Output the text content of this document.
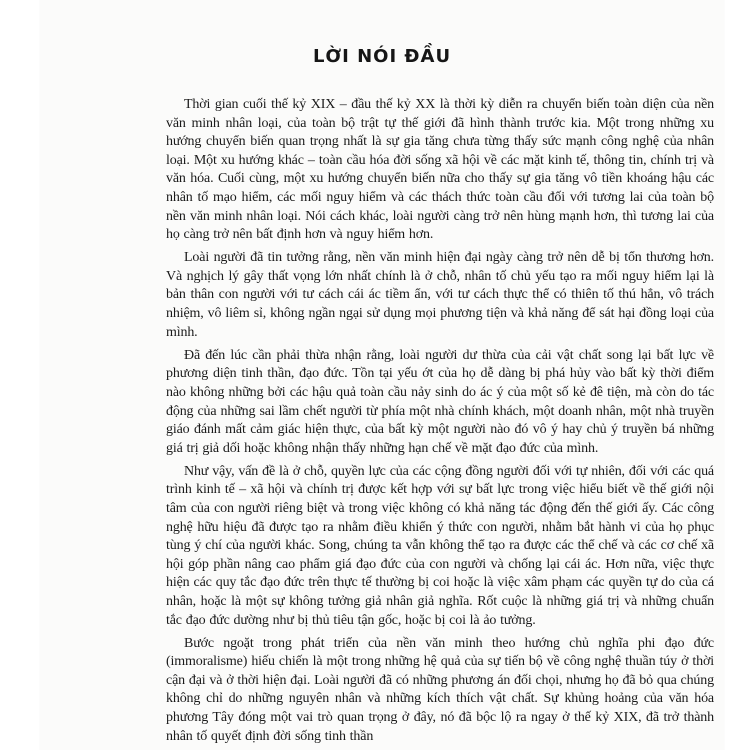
LỜI NÓI ĐẦU

Thời gian cuối thế kỷ XIX – đầu thế kỷ XX là thời kỳ diễn ra chuyển biến toàn diện của nền văn minh nhân loại, của toàn bộ trật tự thế giới đã hình thành trước kia. Một trong những xu hướng chuyển biến quan trọng nhất là sự gia tăng chưa từng thấy sức mạnh công nghệ của nhân loại. Một xu hướng khác – toàn cầu hóa đời sống xã hội về các mặt kinh tế, thông tin, chính trị và văn hóa. Cuối cùng, một xu hướng chuyển biến nữa cho thấy sự gia tăng vô tiền khoáng hậu các nhân tố mạo hiểm, các mối nguy hiểm và các thách thức toàn cầu đối với tương lai của toàn bộ nền văn minh nhân loại. Nói cách khác, loài người càng trở nên hùng mạnh hơn, thì tương lai của họ càng trở nên bất định hơn và nguy hiểm hơn.

Loài người đã tin tưởng rằng, nền văn minh hiện đại ngày càng trở nên dễ bị tổn thương hơn. Và nghịch lý gây thất vọng lớn nhất chính là ở chỗ, nhân tố chủ yếu tạo ra mối nguy hiểm lại là bản thân con người với tư cách cái ác tiềm ẩn, với tư cách thực thể có thiên tố thú hẳn, vô trách nhiệm, vô liêm sỉ, không ngần ngại sử dụng mọi phương tiện và khả năng để sát hại đồng loại của mình.

Đã đến lúc cần phải thừa nhận rằng, loài người dư thừa của cải vật chất song lại bất lực về phương diện tinh thần, đạo đức. Tồn tại yếu ớt của họ dễ dàng bị phá hủy vào bất kỳ thời điểm nào không những bởi các hậu quả toàn cầu nảy sinh do ác ý của một số kẻ đê tiện, mà còn do tác động của những sai lầm chết người từ phía một nhà chính khách, một doanh nhân, một nhà truyền giáo đánh mất cảm giác hiện thực, của bất kỳ một người nào đó vô ý hay chủ ý truyền bá những giá trị giả dối hoặc không nhận thấy những hạn chế về mặt đạo đức của mình.

Như vậy, vấn đề là ở chỗ, quyền lực của các cộng đồng người đối với tự nhiên, đối với các quá trình kinh tế – xã hội và chính trị được kết hợp với sự bất lực trong việc hiểu biết về thế giới nội tâm của con người riêng biệt và trong việc không có khả năng tác động đến thế giới ấy. Các công nghệ hữu hiệu đã được tạo ra nhằm điều khiển ý thức con người, nhằm bắt hành vi của họ phục tùng ý chí của người khác. Song, chúng ta vẫn không thể tạo ra được các thể chế và các cơ chế xã hội góp phần nâng cao phẩm giá đạo đức của con người và chống lại cái ác. Hơn nữa, việc thực hiện các quy tắc đạo đức trên thực tế thường bị coi hoặc là việc xâm phạm các quyền tự do của cá nhân, hoặc là một sự không tưởng giả nhân giả nghĩa. Rốt cuộc là những giá trị và những chuẩn tắc đạo đức dường như bị thủ tiêu tận gốc, hoặc bị coi là ảo tưởng.

Bước ngoặt trong phát triển của nền văn minh theo hướng chủ nghĩa phi đạo đức (immoralisme) hiếu chiến là một trong những hệ quả của sự tiến bộ về công nghệ thuần túy ở thời cận đại và ở thời hiện đại. Loài người đã có những phương án đối chọi, nhưng họ đã bỏ qua chúng không chỉ do những nguyên nhân và những kích thích vật chất. Sự khủng hoảng của văn hóa phương Tây đóng một vai trò quan trọng ở đây, nó đã bộc lộ ra ngay ở thế kỷ XIX, đã trở thành nhân tố quyết định đời sống tinh thần
